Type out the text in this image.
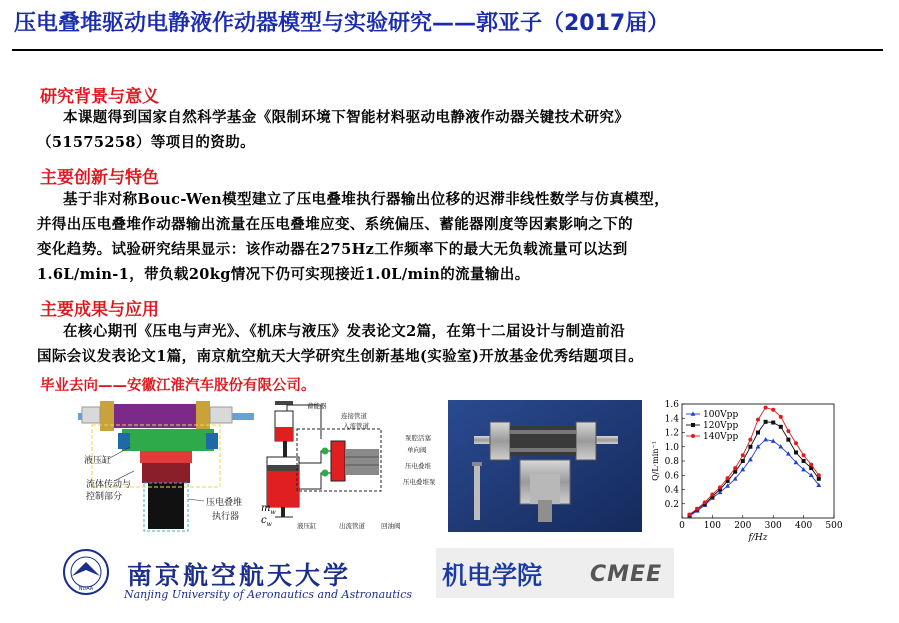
压电叠堆驱动电静液作动器模型与实验研究——郭亚子（2017届）
研究背景与意义
本课题得到国家自然科学基金《限制环境下智能材料驱动电静液作动器关键技术研究》
（51575258）等项目的资助。
主要创新与特色
基于非对称Bouc-Wen模型建立了压电叠堆执行器输出位移的迟滞非线性数学与仿真模型，
并得出压电叠堆作动器输出流量在压电叠堆应变、系统偏压、蓄能器刚度等因素影响之下的
变化趋势。试验研究结果显示：该作动器在275Hz工作频率下的最大无负载流量可以达到
1.6L/min-1，带负载20kg情况下仍可实现接近1.0L/min的流量输出。
主要成果与应用
在核心期刊《压电与声光》、《机床与液压》发表论文2篇，在第十二届设计与制造前沿
国际会议发表论文1篇，南京航空航天大学研究生创新基地(实验室)开放基金优秀结题项目。
毕业去向——安徽江淮汽车股份有限公司。
液压缸
流体传动与
控制部分
压电叠堆
执行器
蓄能器
连接管道
入流管道
泵腔活塞
单向阀
压电叠堆
压电叠堆泵
$m_w$
$c_w$	液压缸	出流管道 回油阀	0 100 200 300 400 500
0.2
0.4
0.6
0.8
1.0
1.2
1.4
1.6
f/Hz
Q/L·min⁻¹
100Vpp
120Vpp
140Vpp
NUAA 南京航空航天大学
Nanjing University of Aeronautics and Astronautics
机电学院 CMEE
